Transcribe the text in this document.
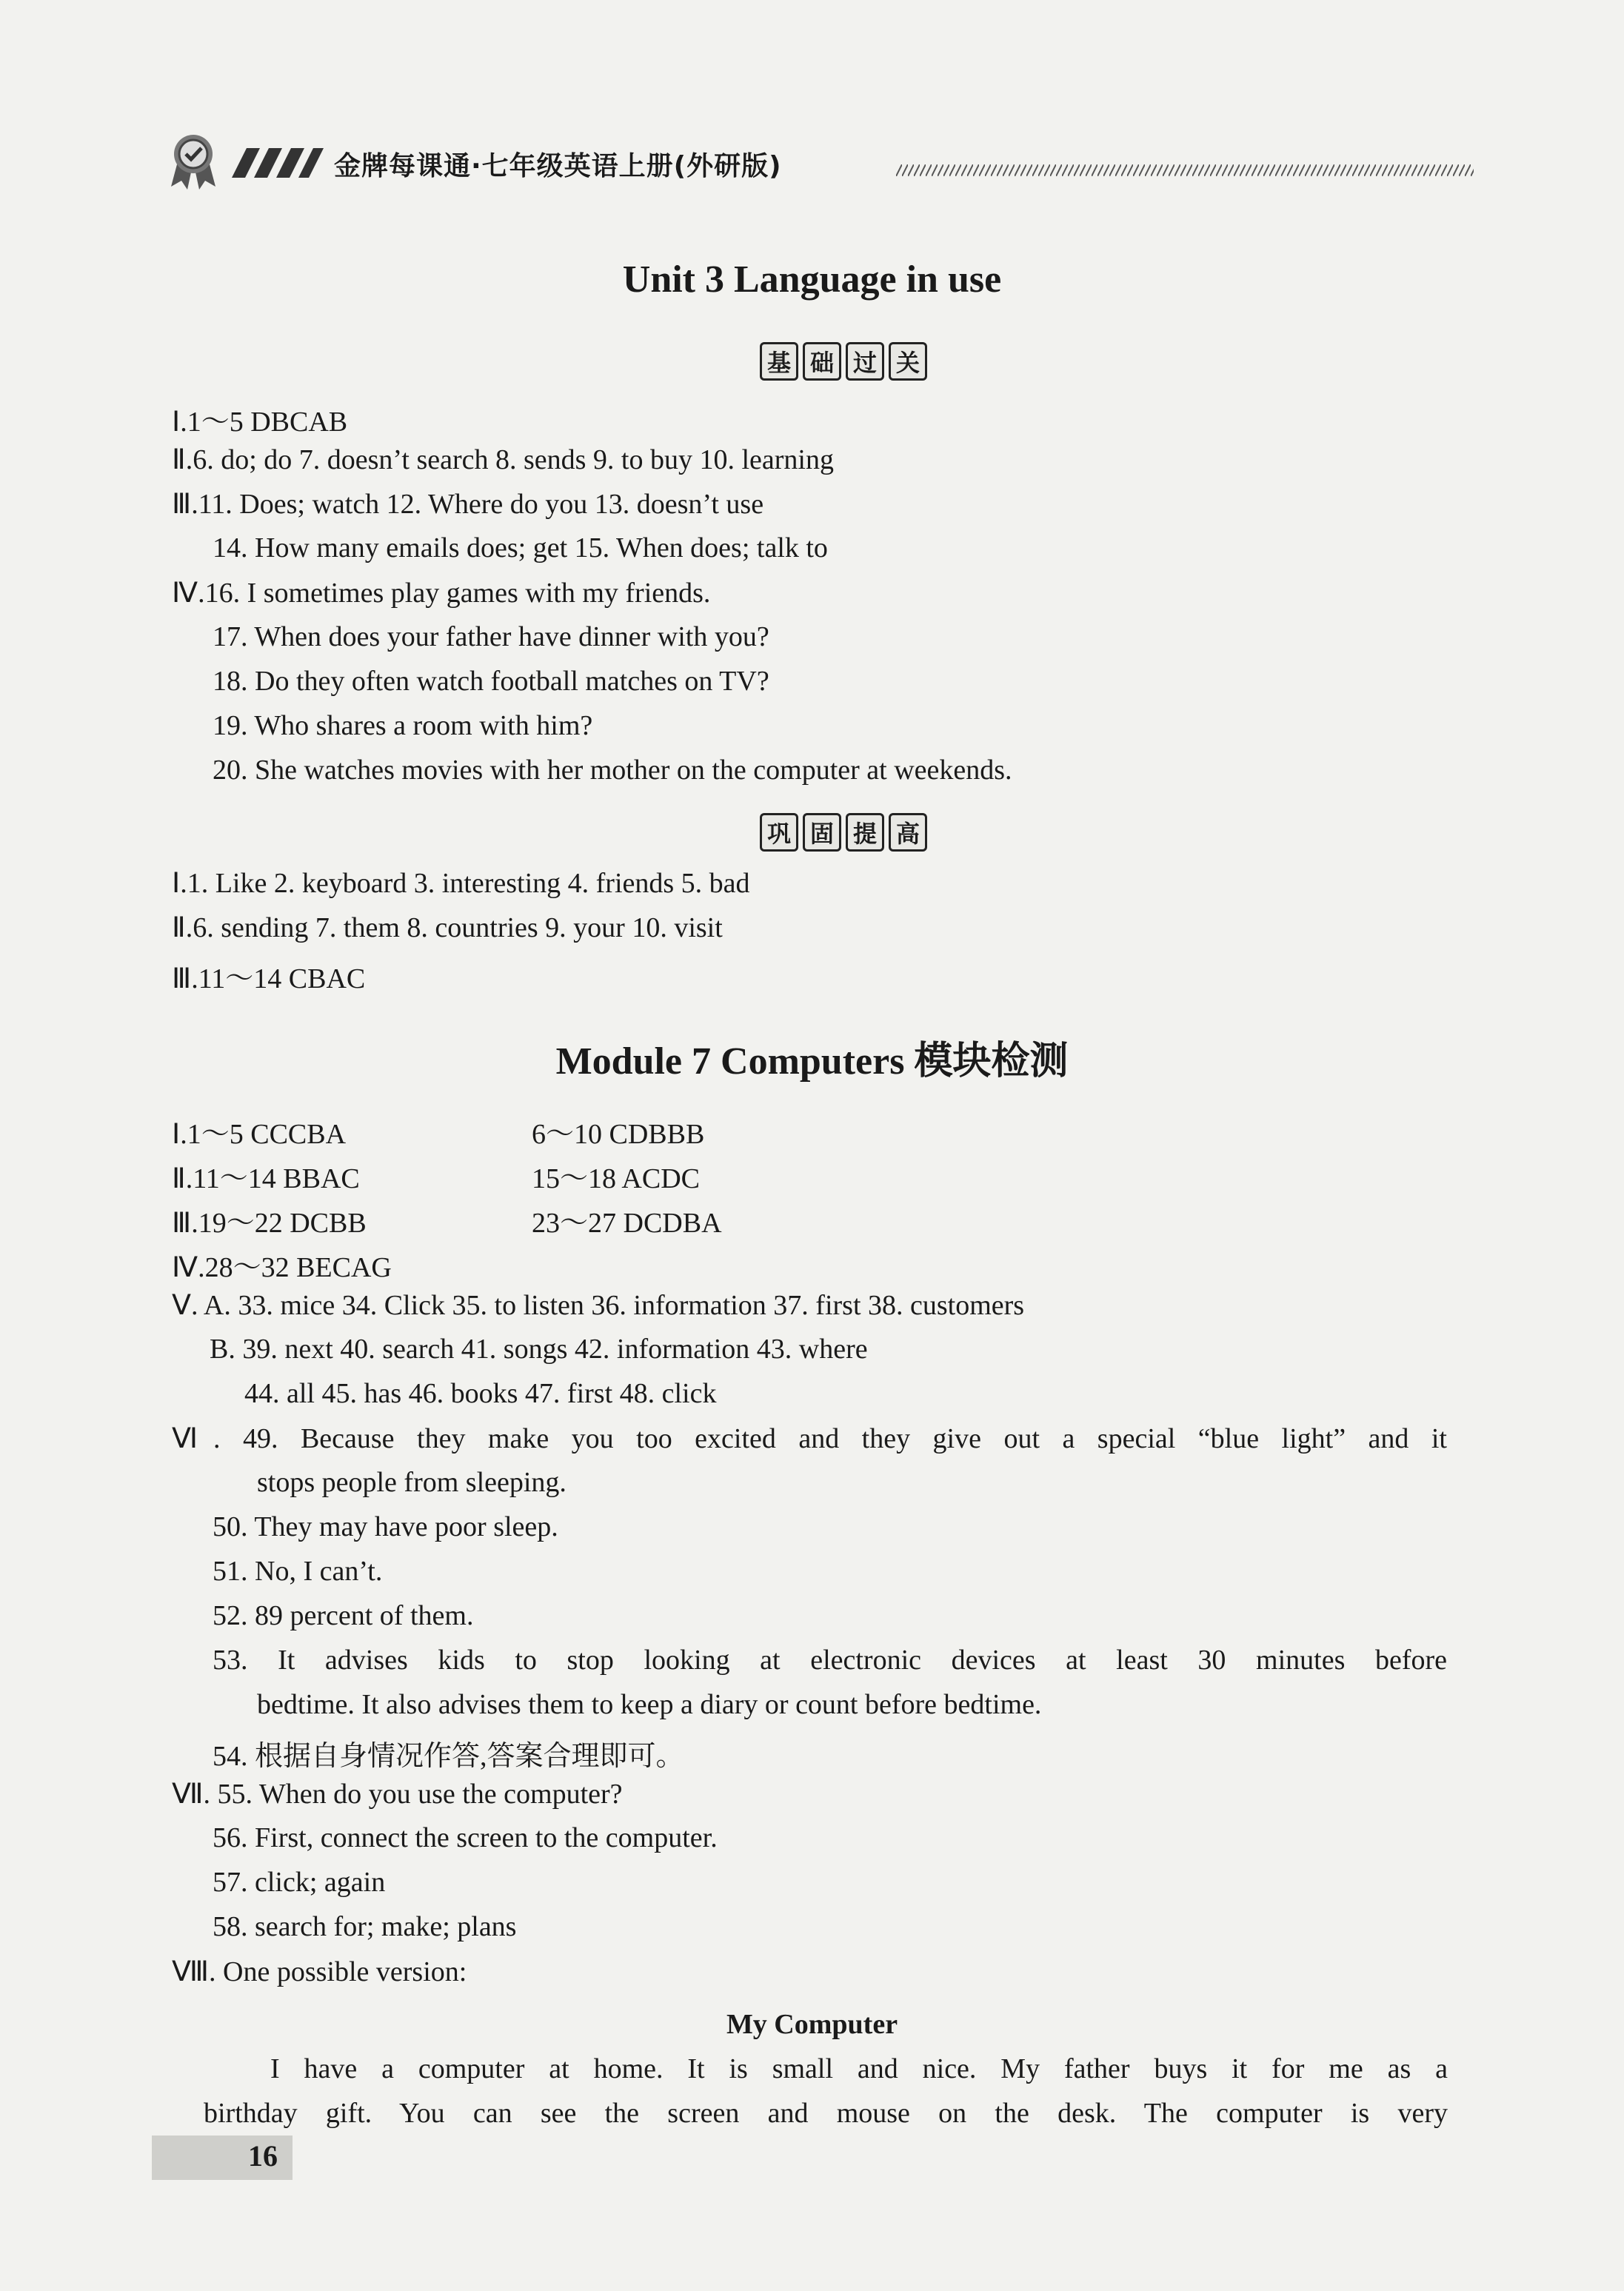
金牌每课通·七年级英语上册(外研版)
Unit 3 Language in use
基 础 过 关
Ⅰ.1～5 DBCAB
Ⅱ.6. do; do 7. doesn’t search 8. sends 9. to buy 10. learning
Ⅲ.11. Does; watch 12. Where do you 13. doesn’t use
14. How many emails does; get 15. When does; talk to
Ⅳ.16. I sometimes play games with my friends.
17. When does your father have dinner with you?
18. Do they often watch football matches on TV?
19. Who shares a room with him?
20. She watches movies with her mother on the computer at weekends.
巩 固 提 高
Ⅰ.1. Like 2. keyboard 3. interesting 4. friends 5. bad
Ⅱ.6. sending 7. them 8. countries 9. your 10. visit
Ⅲ.11～14 CBAC
Module 7 Computers 模块检测
Ⅰ.1～5 CCCBA	6～10 CDBBB
Ⅱ.11～14 BBAC	15～18 ACDC
Ⅲ.19～22 DCBB	23～27 DCDBA
Ⅳ.28～32 BECAG
Ⅴ. A. 33. mice 34. Click 35. to listen 36. information 37. first 38. customers
B. 39. next 40. search 41. songs 42. information 43. where
44. all 45. has 46. books 47. first 48. click
Ⅵ. 49. Because they make you too excited and they give out a special “blue light” and it
stops people from sleeping.
50. They may have poor sleep.
51. No, I can’t.
52. 89 percent of them.
53. It advises kids to stop looking at electronic devices at least 30 minutes before
bedtime. It also advises them to keep a diary or count before bedtime.
54. 根据自身情况作答,答案合理即可。
Ⅶ. 55. When do you use the computer?
56. First, connect the screen to the computer.
57. click; again
58. search for; make; plans
Ⅷ. One possible version:
My Computer
I have a computer at home. It is small and nice. My father buys it for me as a
birthday gift. You can see the screen and mouse on the desk. The computer is very
16
